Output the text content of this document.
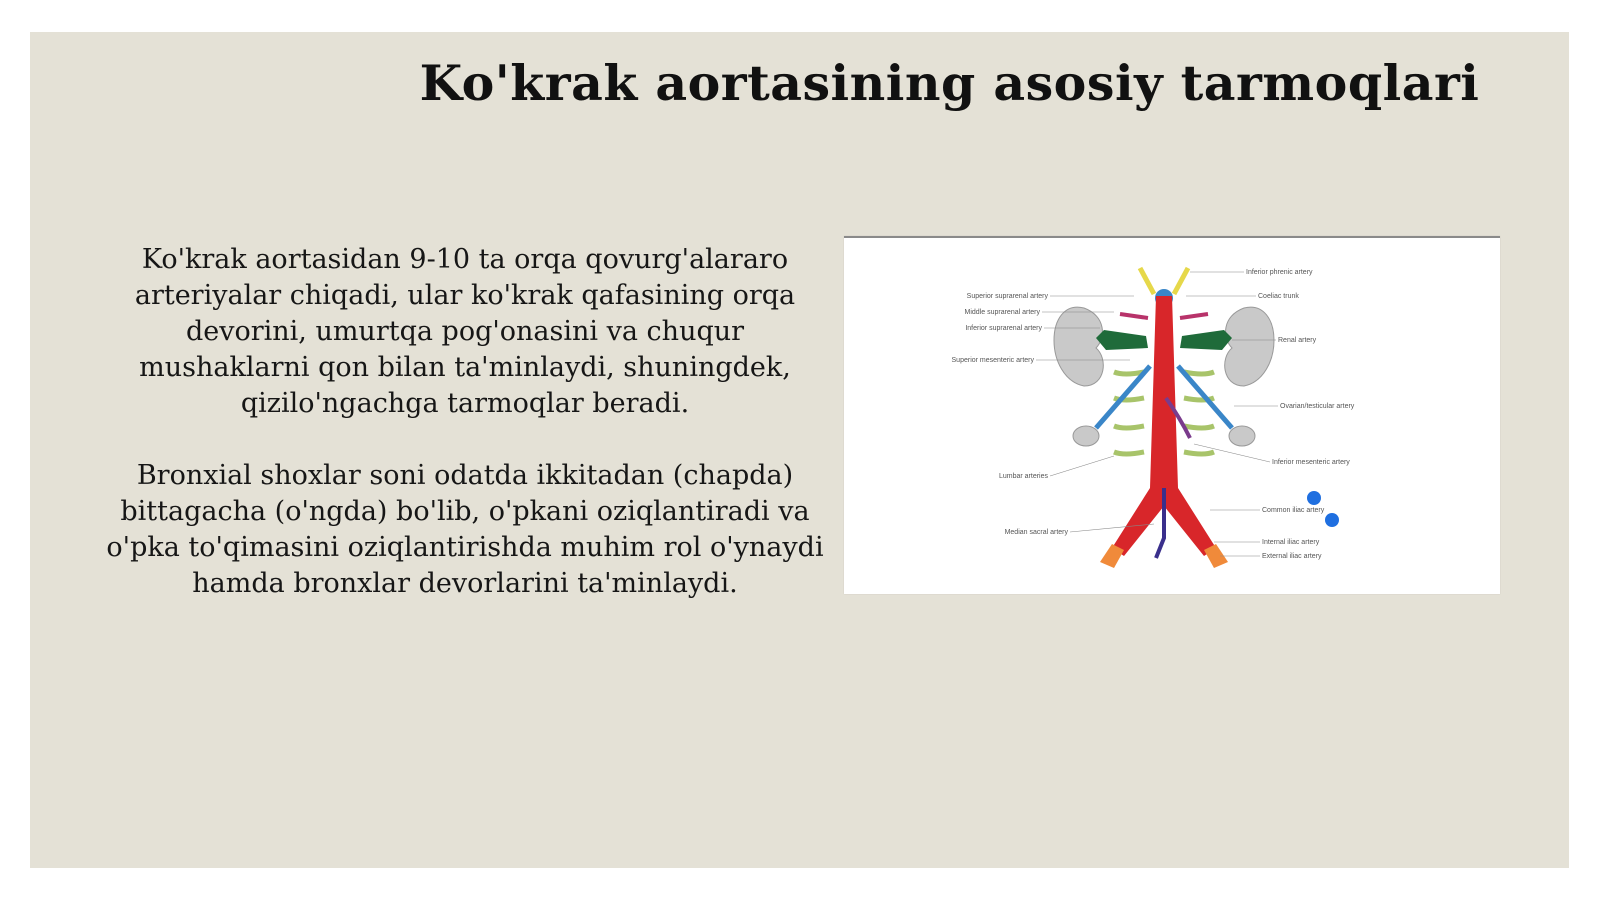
Ko'krak aortasining asosiy tarmoqlari

Ko'krak aortasidan 9-10 ta orqa qovurg'alararo arteriyalar chiqadi, ular ko'krak qafasining orqa devorini, umurtqa pog'onasini va chuqur mushaklarni qon bilan ta'minlaydi, shuningdek, qizilo'ngachga tarmoqlar beradi.

Bronxial shoxlar soni odatda ikkitadan (chapda) bittagacha (o'ngda) bo'lib, o'pkani oziqlantiradi va o'pka to'qimasini oziqlantirishda muhim rol o'ynaydi hamda bronxlar devorlarini ta'minlaydi.

Superior suprarenal artery
Middle suprarenal artery
Inferior suprarenal artery
Superior mesenteric artery
Lumbar arteries
Median sacral artery
Inferior phrenic artery
Coeliac trunk
Renal artery
Ovarian/testicular artery
Inferior mesenteric artery
Common iliac artery
Internal iliac artery
External iliac artery
